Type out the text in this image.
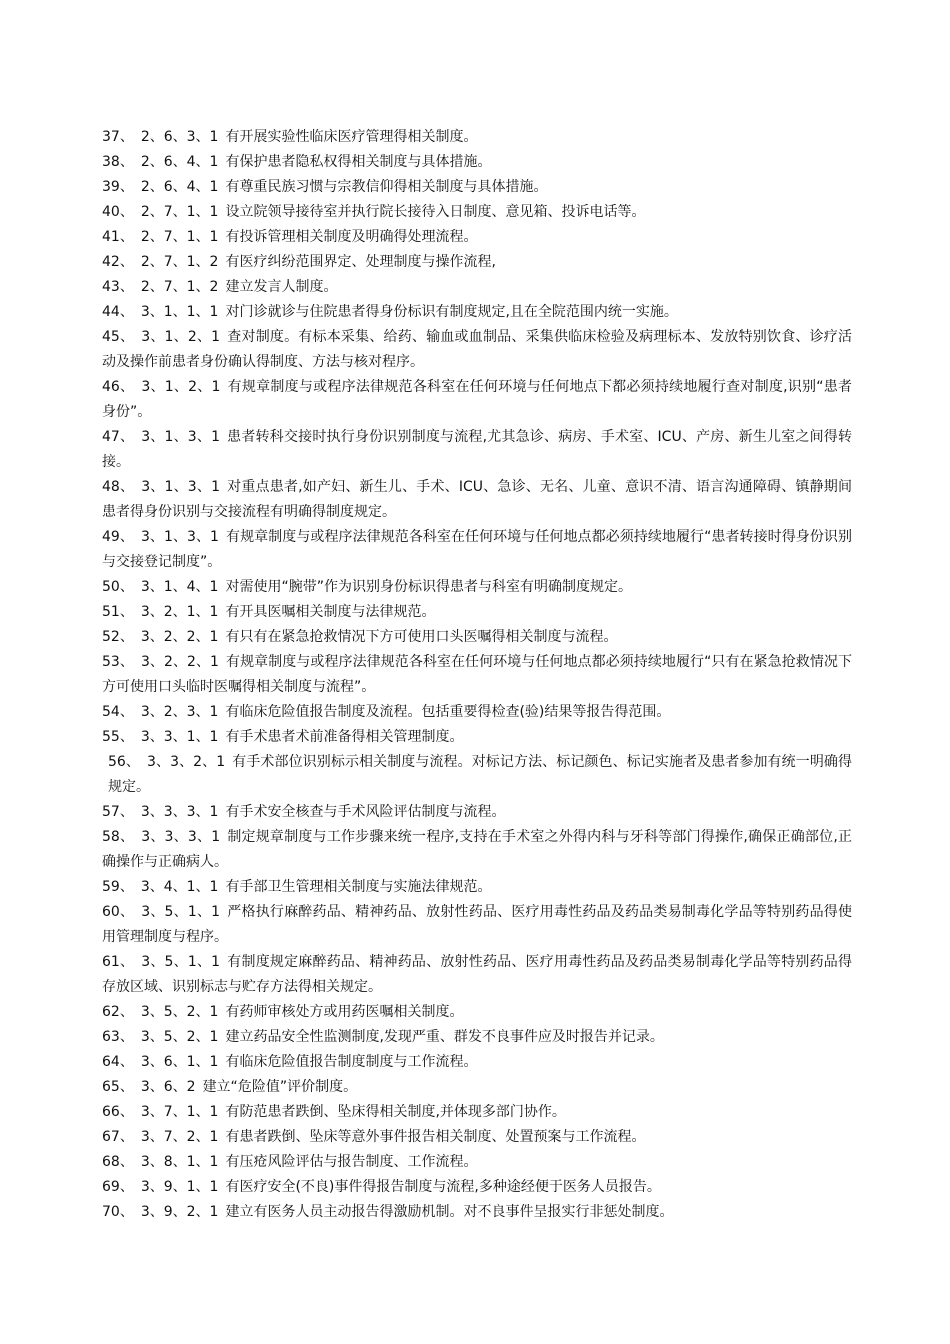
37、  2、6、3、1  有开展实验性临床医疗管理得相关制度。
38、  2、6、4、1  有保护患者隐私权得相关制度与具体措施。
39、  2、6、4、1  有尊重民族习惯与宗教信仰得相关制度与具体措施。
40、  2、7、1、1  设立院领导接待室并执行院长接待入日制度、意见箱、投诉电话等。
41、  2、7、1、1  有投诉管理相关制度及明确得处理流程。
42、  2、7、1、2  有医疗纠纷范围界定、处理制度与操作流程,
43、  2、7、1、2  建立发言人制度。
44、  3、1、1、1  对门诊就诊与住院患者得身份标识有制度规定,且在全院范围内统一实施。
45、  3、1、2、1  查对制度。有标本采集、给药、输血或血制品、采集供临床检验及病理标本、发放特别饮食、诊疗活动及操作前患者身份确认得制度、方法与核对程序。
46、  3、1、2、1  有规章制度与或程序法律规范各科室在任何环境与任何地点下都必须持续地履行查对制度,识别“患者身份”。
47、  3、1、3、1  患者转科交接时执行身份识别制度与流程,尤其急诊、病房、手术室、ICU、产房、新生儿室之间得转接。
48、  3、1、3、1  对重点患者,如产妇、新生儿、手术、ICU、急诊、无名、儿童、意识不清、语言沟通障碍、镇静期间患者得身份识别与交接流程有明确得制度规定。
49、  3、1、3、1  有规章制度与或程序法律规范各科室在任何环境与任何地点都必须持续地履行“患者转接时得身份识别与交接登记制度”。
50、  3、1、4、1  对需使用“腕带”作为识别身份标识得患者与科室有明确制度规定。
51、  3、2、1、1  有开具医嘱相关制度与法律规范。
52、  3、2、2、1  有只有在紧急抢救情况下方可使用口头医嘱得相关制度与流程。
53、  3、2、2、1  有规章制度与或程序法律规范各科室在任何环境与任何地点都必须持续地履行“只有在紧急抢救情况下方可使用口头临时医嘱得相关制度与流程”。
54、  3、2、3、1  有临床危险值报告制度及流程。包括重要得检查(验)结果等报告得范围。
55、  3、3、1、1  有手术患者术前准备得相关管理制度。
56、  3、3、2、1  有手术部位识别标示相关制度与流程。对标记方法、标记颜色、标记实施者及患者参加有统一明确得规定。
57、  3、3、3、1  有手术安全核查与手术风险评估制度与流程。
58、  3、3、3、1  制定规章制度与工作步骤来统一程序,支持在手术室之外得内科与牙科等部门得操作,确保正确部位,正确操作与正确病人。
59、  3、4、1、1  有手部卫生管理相关制度与实施法律规范。
60、  3、5、1、1  严格执行麻醉药品、精神药品、放射性药品、医疗用毒性药品及药品类易制毒化学品等特别药品得使用管理制度与程序。
61、  3、5、1、1  有制度规定麻醉药品、精神药品、放射性药品、医疗用毒性药品及药品类易制毒化学品等特别药品得存放区域、识别标志与贮存方法得相关规定。
62、  3、5、2、1  有药师审核处方或用药医嘱相关制度。
63、  3、5、2、1  建立药品安全性监测制度,发现严重、群发不良事件应及时报告并记录。
64、  3、6、1、1  有临床危险值报告制度制度与工作流程。
65、  3、6、2  建立“危险值”评价制度。
66、  3、7、1、1  有防范患者跌倒、坠床得相关制度,并体现多部门协作。
67、  3、7、2、1  有患者跌倒、坠床等意外事件报告相关制度、处置预案与工作流程。
68、  3、8、1、1  有压疮风险评估与报告制度、工作流程。
69、  3、9、1、1  有医疗安全(不良)事件得报告制度与流程,多种途经便于医务人员报告。
70、  3、9、2、1  建立有医务人员主动报告得激励机制。对不良事件呈报实行非惩处制度。
